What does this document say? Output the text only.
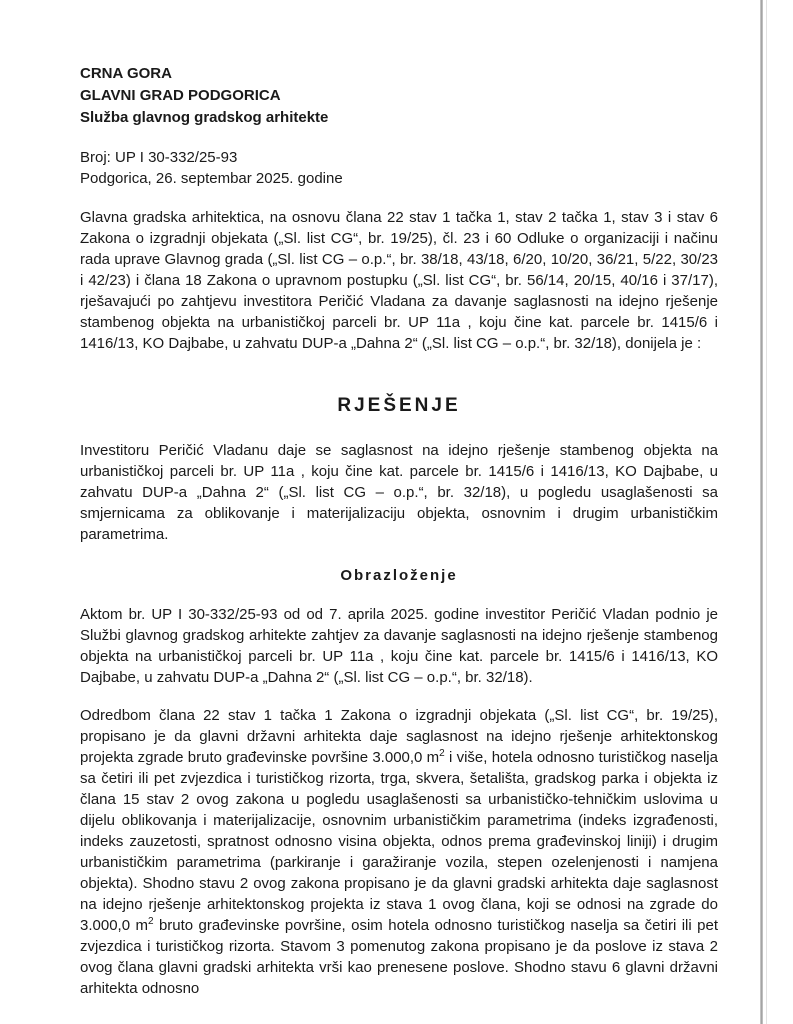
CRNA GORA

GLAVNI GRAD PODGORICA

Služba glavnog gradskog arhitekte

Broj: UP I 30-332/25-93
Podgorica, 26. septembar 2025. godine

Glavna gradska arhitektica, na osnovu člana 22 stav 1 tačka 1, stav 2 tačka 1, stav 3 i stav 6 Zakona o izgradnji objekata („Sl. list CG“, br. 19/25), čl. 23 i 60 Odluke o organizaciji i načinu rada uprave Glavnog grada („Sl. list CG – o.p.“, br. 38/18, 43/18, 6/20, 10/20, 36/21, 5/22, 30/23 i 42/23) i člana 18 Zakona o upravnom postupku („Sl. list CG“, br. 56/14, 20/15, 40/16 i 37/17), rješavajući po zahtjevu investitora Peričić Vladana za davanje saglasnosti na idejno rješenje stambenog objekta na urbanističkoj parceli br. UP 11a , koju čine kat. parcele br. 1415/6 i 1416/13, KO Dajbabe, u zahvatu DUP-a „Dahna 2“ („Sl. list CG – o.p.“, br. 32/18), donijela je :

RJEŠENJE

Investitoru Peričić Vladanu daje se saglasnost na idejno rješenje stambenog objekta na urbanističkoj parceli br. UP 11a , koju čine kat. parcele br. 1415/6 i 1416/13, KO Dajbabe, u zahvatu DUP-a „Dahna 2“ („Sl. list CG – o.p.“, br. 32/18), u pogledu usaglašenosti sa smjernicama za oblikovanje i materijalizaciju objekta, osnovnim i drugim urbanističkim parametrima.

Obrazloženje

Aktom br. UP I 30-332/25-93 od od 7. aprila 2025. godine investitor Peričić Vladan podnio je Službi glavnog gradskog arhitekte zahtjev za davanje saglasnosti na idejno rješenje stambenog objekta na urbanističkoj parceli br. UP 11a , koju čine kat. parcele br. 1415/6 i 1416/13, KO Dajbabe, u zahvatu DUP-a „Dahna 2“ („Sl. list CG – o.p.“, br. 32/18).

Odredbom člana 22 stav 1 tačka 1 Zakona o izgradnji objekata („Sl. list CG“, br. 19/25), propisano je da glavni državni arhitekta daje saglasnost na idejno rješenje arhitektonskog projekta zgrade bruto građevinske površine 3.000,0 $m^2$ i više, hotela odnosno turističkog naselja sa četiri ili pet zvjezdica i turističkog rizorta, trga, skvera, šetališta, gradskog parka i objekta iz člana 15 stav 2 ovog zakona u pogledu usaglašenosti sa urbanističko-tehničkim uslovima u dijelu oblikovanja i materijalizacije, osnovnim urbanističkim parametrima (indeks izgrađenosti, indeks zauzetosti, spratnost odnosno visina objekta, odnos prema građevinskoj liniji) i drugim urbanističkim parametrima (parkiranje i garažiranje vozila, stepen ozelenjenosti i namjena objekta). Shodno stavu 2 ovog zakona propisano je da glavni gradski arhitekta daje saglasnost na idejno rješenje arhitektonskog projekta iz stava 1 ovog člana, koji se odnosi na zgrade do 3.000,0 $m^2$ bruto građevinske površine, osim hotela odnosno turističkog naselja sa četiri ili pet zvjezdica i turističkog rizorta. Stavom 3 pomenutog zakona propisano je da poslove iz stava 2 ovog člana glavni gradski arhitekta vrši kao prenesene poslove. Shodno stavu 6 glavni državni arhitekta odnosno
